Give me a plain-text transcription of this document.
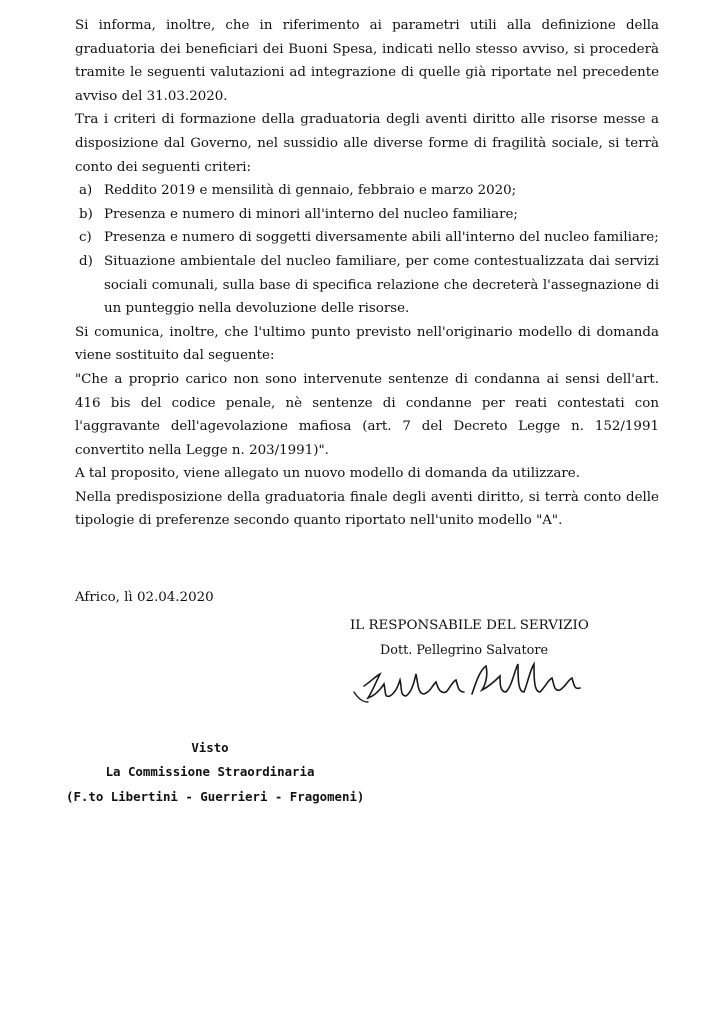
Si informa, inoltre, che in riferimento ai parametri utili alla definizione della graduatoria dei beneficiari dei Buoni Spesa, indicati nello stesso avviso, si procederà tramite le seguenti valutazioni ad integrazione di quelle già riportate nel precedente avviso del 31.03.2020.

Tra i criteri di formazione della graduatoria degli aventi diritto alle risorse messe a disposizione dal Governo, nel sussidio alle diverse forme di fragilità sociale, si terrà conto dei seguenti criteri:

a) Reddito 2019 e mensilità di gennaio, febbraio e marzo 2020;
b) Presenza e numero di minori all'interno del nucleo familiare;
c) Presenza e numero di soggetti diversamente abili all'interno del nucleo familiare;
d) Situazione ambientale del nucleo familiare, per come contestualizzata dai servizi sociali comunali, sulla base di specifica relazione che decreterà l'assegnazione di un punteggio nella devoluzione delle risorse.

Si comunica, inoltre, che l'ultimo punto previsto nell'originario modello di domanda viene sostituito dal seguente:

"Che a proprio carico non sono intervenute sentenze di condanna ai sensi dell'art. 416 bis del codice penale, nè sentenze di condanne per reati contestati con l'aggravante dell'agevolazione mafiosa (art. 7 del Decreto Legge n. 152/1991 convertito nella Legge n. 203/1991)".

A tal proposito, viene allegato un nuovo modello di domanda da utilizzare.

Nella predisposizione della graduatoria finale degli aventi diritto, si terrà conto delle tipologie di preferenze secondo quanto riportato nell'unito modello "A".

Africo, lì 02.04.2020
IL RESPONSABILE DEL SERVIZIO
Dott. Pellegrino Salvatore
Visto
La Commissione Straordinaria
(F.to Libertini - Guerrieri - Fragomeni)
